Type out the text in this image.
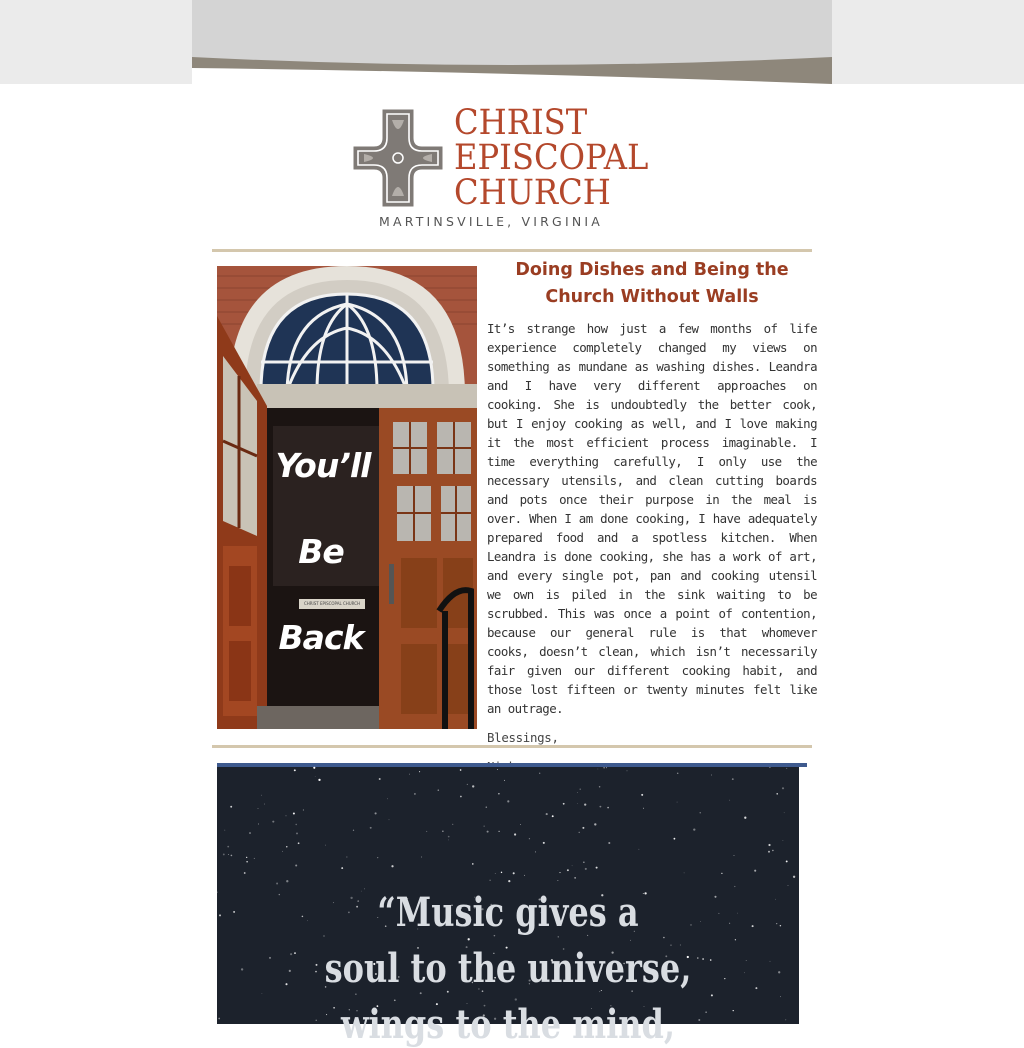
CHRIST
EPISCOPAL
CHURCH
MARTINSVILLE, VIRGINIA
CHRIST EPISCOPAL CHURCH
You’ll
Be
Back
Doing Dishes and Being the Church Without Walls

It’s strange how just a few months of life experience completely changed my views on something as mundane as washing dishes. Leandra and I have very different approaches on cooking. She is undoubtedly the better cook, but I enjoy cooking as well, and I love making it the most efficient process imaginable. I time everything carefully, I only use the necessary utensils, and clean cutting boards and pots once their purpose in the meal is over. When I am done cooking, I have adequately prepared food and a spotless kitchen. When Leandra is done cooking, she has a work of art, and every single pot, pan and cooking utensil we own is piled in the sink waiting to be scrubbed. This was once a point of contention, because our general rule is that whomever cooks, doesn’t clean, which isn’t necessarily fair given our different cooking habit, and those lost fifteen or twenty minutes felt like an outrage.

Blessings,

“Music gives a
soul to the universe,
wings to the mind,
